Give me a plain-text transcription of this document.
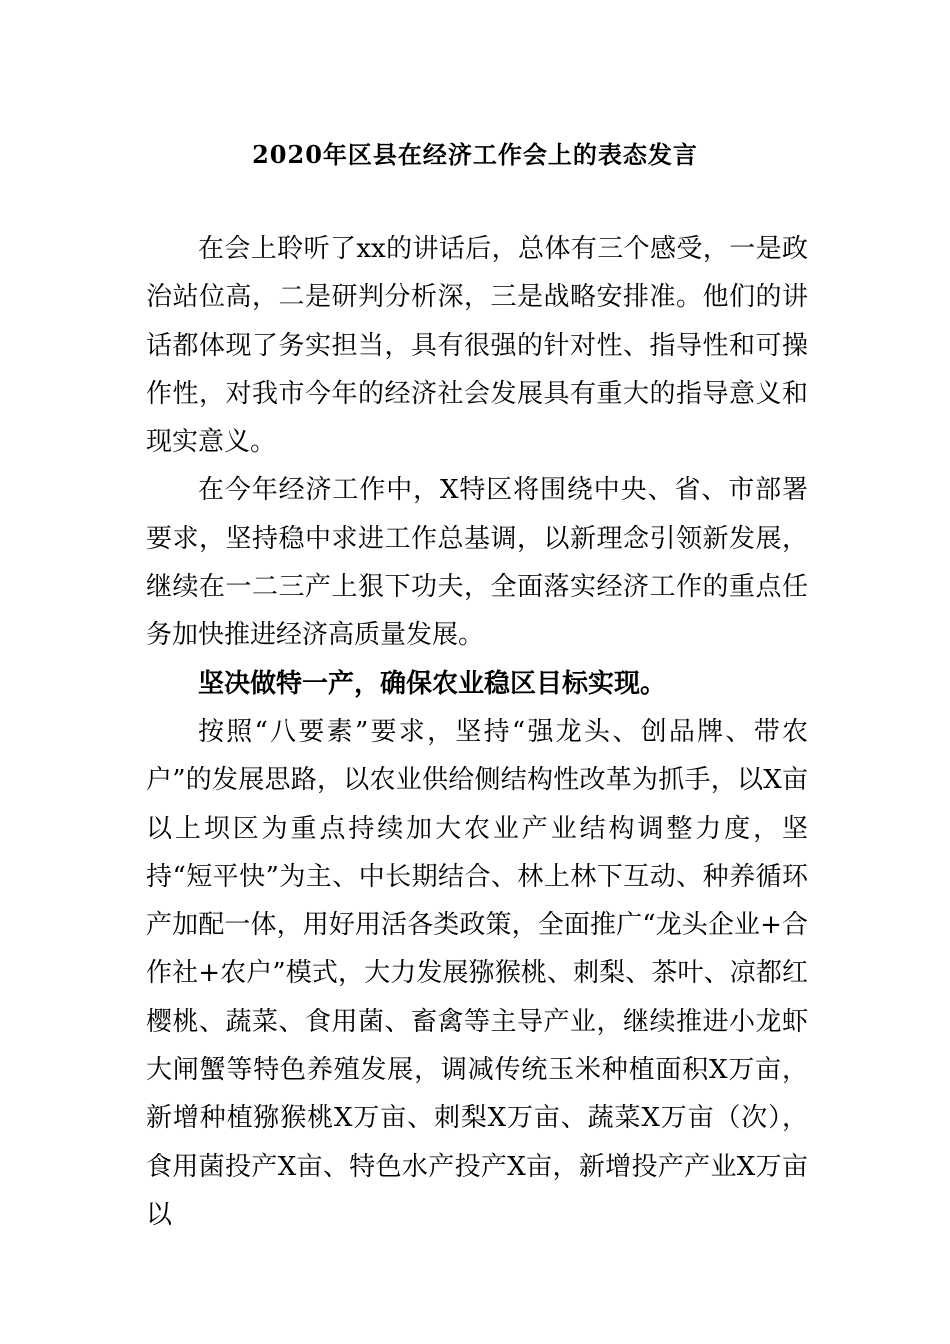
2020年区县在经济工作会上的表态发言

在会上聆听了xx的讲话后，总体有三个感受，一是政治站位高，二是研判分析深，三是战略安排准。他们的讲话都体现了务实担当，具有很强的针对性、指导性和可操作性，对我市今年的经济社会发展具有重大的指导意义和现实意义。

在今年经济工作中，X特区将围绕中央、省、市部署要求，坚持稳中求进工作总基调，以新理念引领新发展，继续在一二三产上狠下功夫，全面落实经济工作的重点任务加快推进经济高质量发展。

坚决做特一产，确保农业稳区目标实现。

按照“八要素”要求，坚持“强龙头、创品牌、带农户”的发展思路，以农业供给侧结构性改革为抓手，以X亩以上坝区为重点持续加大农业产业结构调整力度，坚持“短平快”为主、中长期结合、林上林下互动、种养循环产加配一体，用好用活各类政策，全面推广“龙头企业+合作社+农户”模式，大力发展猕猴桃、刺梨、茶叶、凉都红樱桃、蔬菜、食用菌、畜禽等主导产业，继续推进小龙虾大闸蟹等特色养殖发展，调减传统玉米种植面积X万亩，新增种植猕猴桃X万亩、刺梨X万亩、蔬菜X万亩（次），食用菌投产X亩、特色水产投产X亩，新增投产产业X万亩以
